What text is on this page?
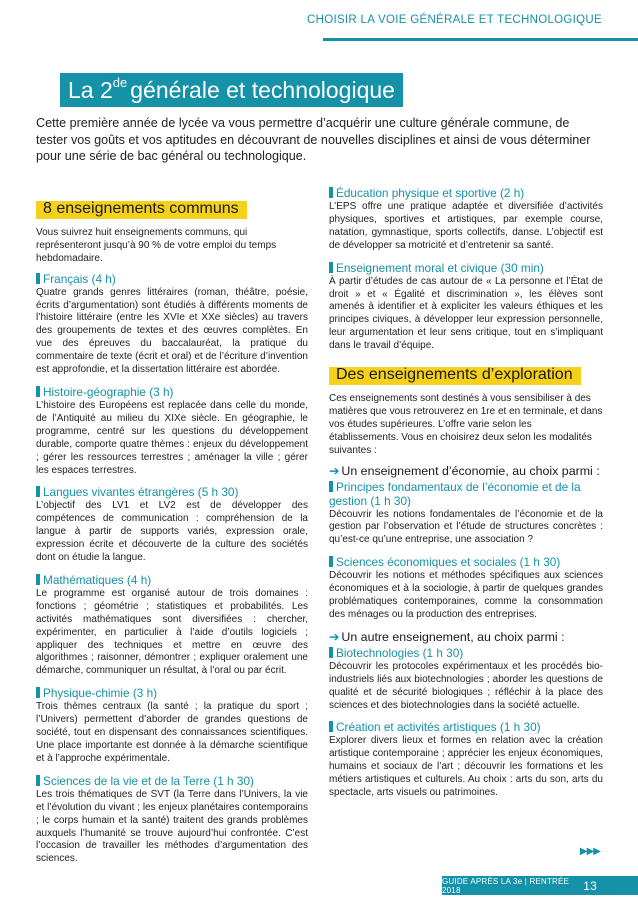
CHOISIR LA VOIE GÉNÉRALE ET TECHNOLOGIQUE
La 2de générale et technologique
Cette première année de lycée va vous permettre d’acquérir une culture générale commune, de tester vos goûts et vos aptitudes en découvrant de nouvelles disciplines et ainsi de vous déterminer pour une série de bac général ou technologique.
8 enseignements communs
Vous suivrez huit enseignements communs, qui représenteront jusqu’à 90 % de votre emploi du temps hebdomadaire.
Français (4 h)

Quatre grands genres littéraires (roman, théâtre, poésie, écrits d’argumentation) sont étudiés à différents moments de l’histoire littéraire (entre les XVIe et XXe siècles) au travers des groupements de textes et des œuvres complètes. En vue des épreuves du baccalauréat, la pratique du commentaire de texte (écrit et oral) et de l’écriture d’invention est approfondie, et la dissertation littéraire est abordée.

Histoire-géographie (3 h)

L’histoire des Européens est replacée dans celle du monde, de l’Antiquité au milieu du XIXe siècle. En géographie, le programme, centré sur les questions du développement durable, comporte quatre thèmes : enjeux du développement ; gérer les ressources terrestres ; aménager la ville ; gérer les espaces terrestres.

Langues vivantes étrangères (5 h 30)

L’objectif des LV1 et LV2 est de développer des compétences de communication : compréhension de la langue à partir de supports variés, expression orale, expression écrite et découverte de la culture des sociétés dont on étudie la langue.

Mathématiques (4 h)

Le programme est organisé autour de trois domaines : fonctions ; géométrie ; statistiques et probabilités. Les activités mathématiques sont diversifiées : chercher, expérimenter, en particulier à l’aide d’outils logiciels ; appliquer des techniques et mettre en œuvre des algorithmes ; raisonner, démontrer ; expliquer oralement une démarche, communiquer un résultat, à l’oral ou par écrit.

Physique-chimie (3 h)

Trois thèmes centraux (la santé ; la pratique du sport ; l’Univers) permettent d’aborder de grandes questions de société, tout en dispensant des connaissances scientifiques. Une place importante est donnée à la démarche scientifique et à l’approche expérimentale.

Sciences de la vie et de la Terre (1 h 30)

Les trois thématiques de SVT (la Terre dans l’Univers, la vie et l’évolution du vivant ; les enjeux planétaires contemporains ; le corps humain et la santé) traitent des grands problèmes auxquels l’humanité se trouve aujourd’hui confrontée. C’est l’occasion de travailler les méthodes d’argumentation des sciences.

Éducation physique et sportive (2 h)

L’EPS offre une pratique adaptée et diversifiée d’activités physiques, sportives et artistiques, par exemple course, natation, gymnastique, sports collectifs, danse. L’objectif est de développer sa motricité et d’entretenir sa santé.

Enseignement moral et civique (30 min)

À partir d’études de cas autour de « La personne et l’État de droit » et « Égalité et discrimination », les élèves sont amenés à identifier et à expliciter les valeurs éthiques et les principes civiques, à développer leur expression personnelle, leur argumentation et leur sens critique, tout en s’impliquant dans le travail d’équipe.

Des enseignements d’exploration
Ces enseignements sont destinés à vous sensibiliser à des matières que vous retrouverez en 1re et en terminale, et dans vos études supérieures. L’offre varie selon les établissements. Vous en choisirez deux selon les modalités suivantes :
➔ Un enseignement d’économie, au choix parmi :
Principes fondamentaux de l’économie et de la gestion (1 h 30)

Découvrir les notions fondamentales de l’économie et de la gestion par l’observation et l’étude de structures concrètes : qu’est-ce qu’une entreprise, une association ?

Sciences économiques et sociales (1 h 30)

Découvrir les notions et méthodes spécifiques aux sciences économiques et à la sociologie, à partir de quelques grandes problématiques contemporaines, comme la consommation des ménages ou la production des entreprises.

➔ Un autre enseignement, au choix parmi :
Biotechnologies (1 h 30)

Découvrir les protocoles expérimentaux et les procédés bio-industriels liés aux biotechnologies ; aborder les questions de qualité et de sécurité biologiques ; réfléchir à la place des sciences et des biotechnologies dans la société actuelle.

Création et activités artistiques (1 h 30)

Explorer divers lieux et formes en relation avec la création artistique contemporaine ; apprécier les enjeux économiques, humains et sociaux de l’art ; découvrir les formations et les métiers artistiques et culturels. Au choix : arts du son, arts du spectacle, arts visuels ou patrimoines.

▶▶▶
GUIDE APRÈS LA 3e | RENTRÉE 2018	13
